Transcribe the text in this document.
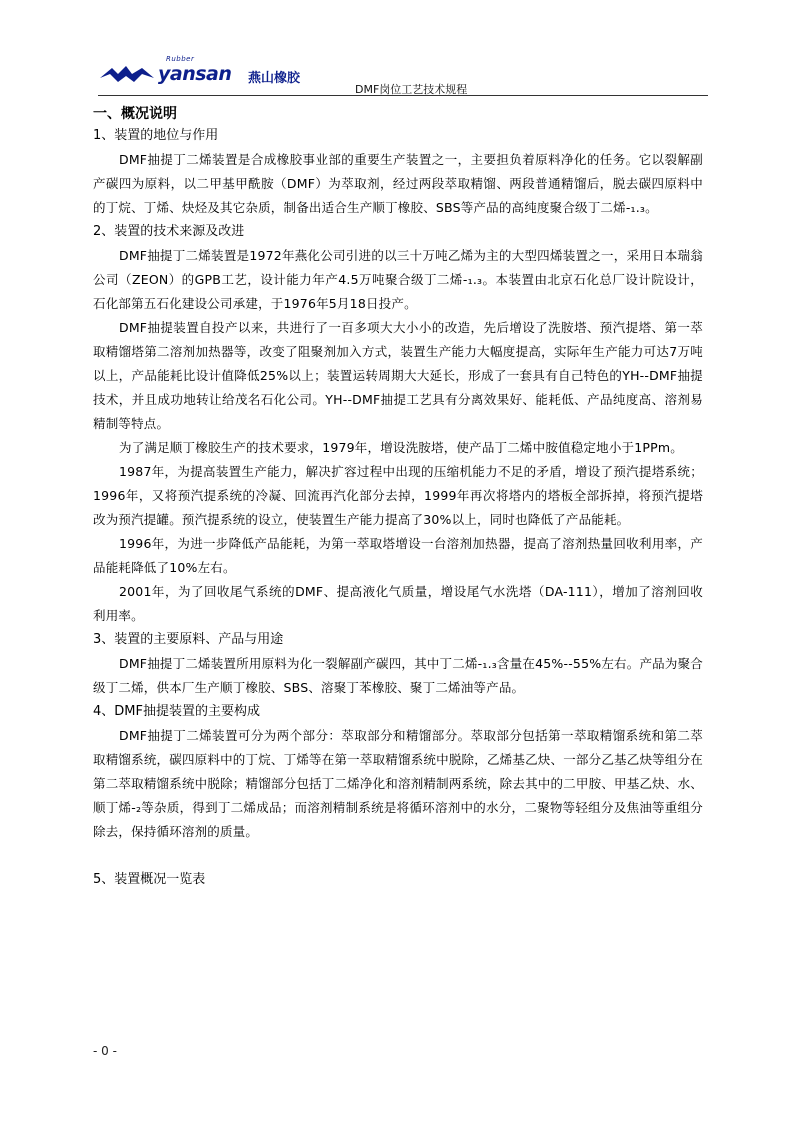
Rubber
yansan 燕山橡胶
DMF岗位工艺技术规程

一、概况说明

1、装置的地位与作用

DMF抽提丁二烯装置是合成橡胶事业部的重要生产装置之一，主要担负着原料净化的任务。它以裂解副产碳四为原料，以二甲基甲酰胺（DMF）为萃取剂，经过两段萃取精馏、两段普通精馏后，脱去碳四原料中的丁烷、丁烯、炔烃及其它杂质，制备出适合生产顺丁橡胶、SBS等产品的高纯度聚合级丁二烯-₁.₃。

2、装置的技术来源及改进

DMF抽提丁二烯装置是1972年燕化公司引进的以三十万吨乙烯为主的大型四烯装置之一，采用日本瑞翁公司（ZEON）的GPB工艺，设计能力年产4.5万吨聚合级丁二烯-₁.₃。本装置由北京石化总厂设计院设计，石化部第五石化建设公司承建，于1976年5月18日投产。

DMF抽提装置自投产以来，共进行了一百多项大大小小的改造，先后增设了洗胺塔、预汽提塔、第一萃取精馏塔第二溶剂加热器等，改变了阻聚剂加入方式，装置生产能力大幅度提高，实际年生产能力可达7万吨以上，产品能耗比设计值降低25%以上；装置运转周期大大延长，形成了一套具有自己特色的YH--DMF抽提技术，并且成功地转让给茂名石化公司。YH--DMF抽提工艺具有分离效果好、能耗低、产品纯度高、溶剂易精制等特点。

为了满足顺丁橡胶生产的技术要求，1979年，增设洗胺塔，使产品丁二烯中胺值稳定地小于1PPm。

1987年，为提高装置生产能力，解决扩容过程中出现的压缩机能力不足的矛盾，增设了预汽提塔系统；1996年，又将预汽提系统的冷凝、回流再汽化部分去掉，1999年再次将塔内的塔板全部拆掉，将预汽提塔改为预汽提罐。预汽提系统的设立，使装置生产能力提高了30%以上，同时也降低了产品能耗。

1996年，为进一步降低产品能耗，为第一萃取塔增设一台溶剂加热器，提高了溶剂热量回收利用率，产品能耗降低了10%左右。

2001年，为了回收尾气系统的DMF、提高液化气质量，增设尾气水洗塔（DA-111），增加了溶剂回收利用率。

3、装置的主要原料、产品与用途

DMF抽提丁二烯装置所用原料为化一裂解副产碳四，其中丁二烯-₁.₃含量在45%--55%左右。产品为聚合级丁二烯，供本厂生产顺丁橡胶、SBS、溶聚丁苯橡胶、聚丁二烯油等产品。

4、DMF抽提装置的主要构成

DMF抽提丁二烯装置可分为两个部分：萃取部分和精馏部分。萃取部分包括第一萃取精馏系统和第二萃取精馏系统，碳四原料中的丁烷、丁烯等在第一萃取精馏系统中脱除，乙烯基乙炔、一部分乙基乙炔等组分在第二萃取精馏系统中脱除；精馏部分包括丁二烯净化和溶剂精制两系统，除去其中的二甲胺、甲基乙炔、水、顺丁烯-₂等杂质，得到丁二烯成品；而溶剂精制系统是将循环溶剂中的水分，二聚物等轻组分及焦油等重组分除去，保持循环溶剂的质量。

5、装置概况一览表

- 0 -
